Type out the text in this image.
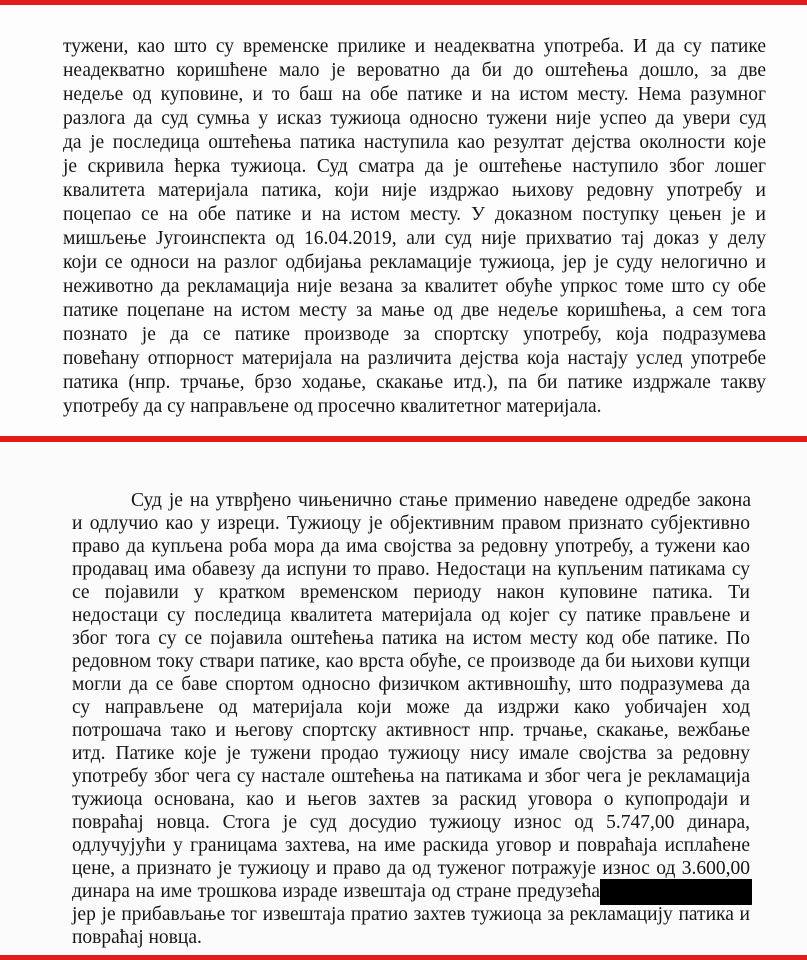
тужени, као што су временске прилике и неадекватна употреба. И да су патике
неадекватно коришћене мало је вероватно да би до оштећења дошло, за две
недеље од куповине, и то баш на обе патике и на истом месту. Нема разумног
разлога да суд сумња у исказ тужиоца односно тужени није успео да увери суд
да је последица оштећења патика наступила као резултат дејства околности које
је скривила ћерка тужиоца. Суд сматра да је оштећење наступило због лошег
квалитета материјала патика, који није издржао њихову редовну употребу и
поцепао се на обе патике и на истом месту. У доказном поступку цењен је и
мишљење Југоинспекта од 16.04.2019, али суд није прихватио тај доказ у делу
који се односи на разлог одбијања рекламације тужиоца, јер је суду нелогично и
неживотно да рекламација није везана за квалитет обуће упркос томе што су обе
патике поцепане на истом месту за мање од две недеље коришћења, а сем тога
познато је да се патике производе за спортску употребу, која подразумева
повећану отпорност материјала на различита дејства која настају услед употребе
патика (нпр. трчање, брзо ходање, скакање итд.), па би патике издржале такву
употребу да су направљене од просечно квалитетног материјала.
Суд је на утврђено чињенично стање применио наведене одредбе закона
и одлучио као у изреци. Тужиоцу је објективним правом признато субјективно
право да купљена роба мора да има својства за редовну употребу, а тужени као
продавац има обавезу да испуни то право. Недостаци на купљеним патикама су
се појавили у кратком временском периоду након куповине патика. Ти
недостаци су последица квалитета материјала од којег су патике прављене и
због тога су се појавила оштећења патика на истом месту код обе патике. По
редовном току ствари патике, као врста обуће, се производе да би њихови купци
могли да се баве спортом односно физичком активношћу, што подразумева да
су направљене од материјала који може да издржи како уобичајен ход
потрошача тако и његову спортску активност нпр. трчање, скакање, вежбање
итд. Патике које је тужени продао тужиоцу нису имале својства за редовну
употребу због чега су настале оштећења на патикама и због чега је рекламација
тужиоца основана, као и његов захтев за раскид уговора о купопродаји и
повраћај новца. Стога је суд досудио тужиоцу износ од 5.747,00 динара,
одлучујући у границама захтева, на име раскида уговор и повраћаја исплаћене
цене, а признато је тужиоцу и право да од туженог потражује износ од 3.600,00
динара на име трошкова израде извештаја од стране предузећа
јер је прибављање тог извештаја пратио захтев тужиоца за рекламацију патика и
повраћај новца.
